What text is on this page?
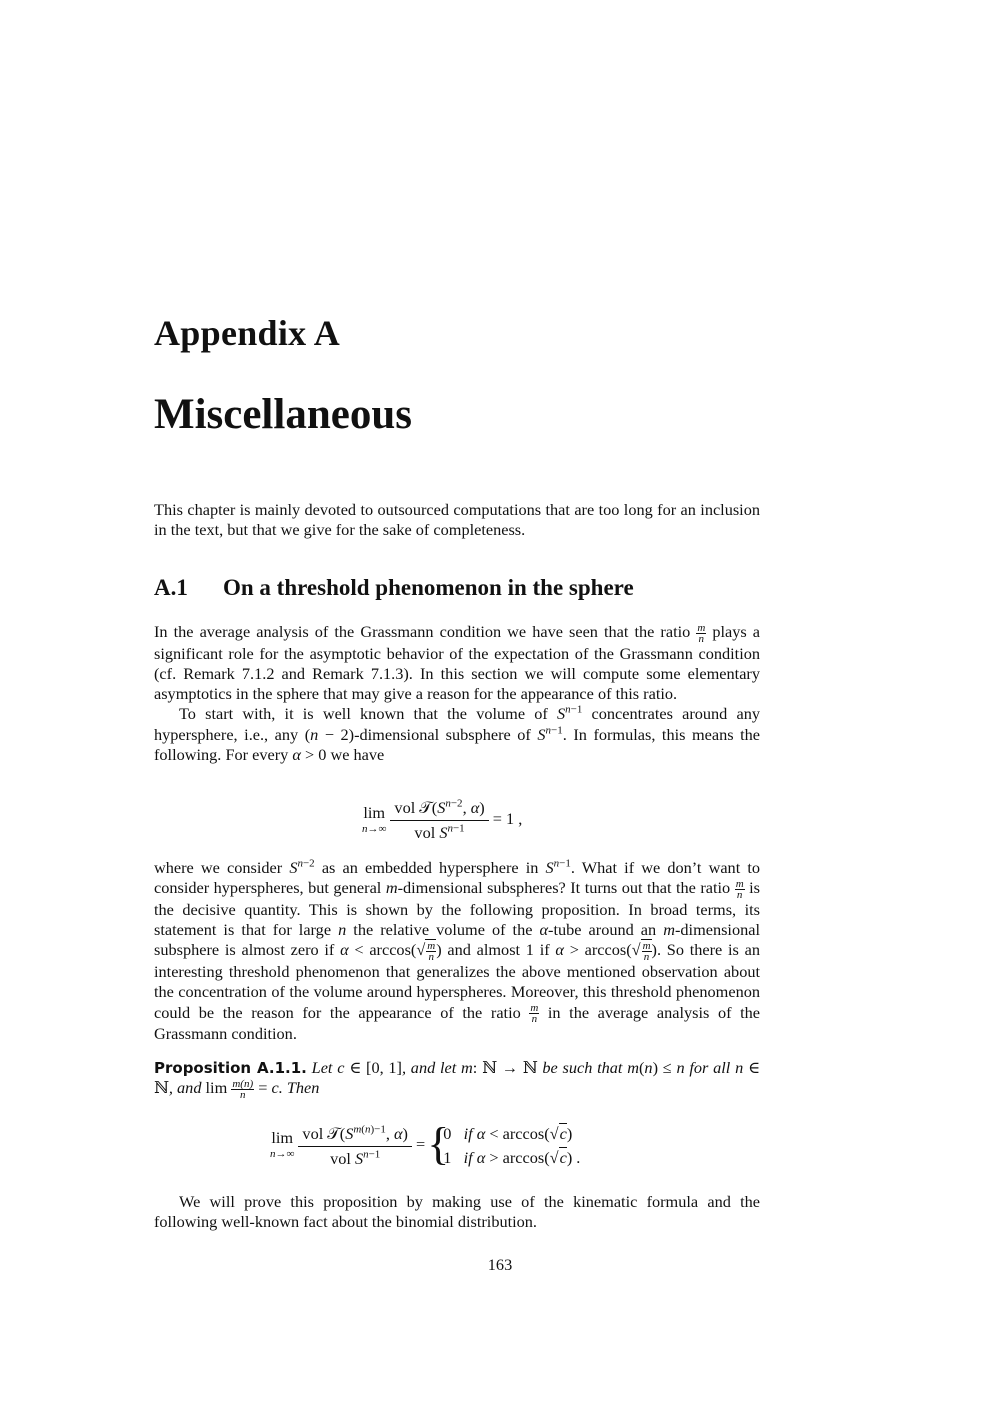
Appendix A
Miscellaneous

This chapter is mainly devoted to outsourced computations that are too long for an inclusion in the text, but that we give for the sake of completeness.

A.1 On a threshold phenomenon in the sphere

In the average analysis of the Grassmann condition we have seen that the ratio $\frac{m}{n}$ plays a significant role for the asymptotic behavior of the expectation of the Grassmann condition (cf. Remark 7.1.2 and Remark 7.1.3). In this section we will compute some elementary asymptotics in the sphere that may give a reason for the appearance of this ratio.

To start with, it is well known that the volume of $S^{n-1}$ concentrates around any hypersphere, i.e., any (n − 2)-dimensional subsphere of $S^{n-1}$. In formulas, this means the following. For every α > 0 we have

lim
n→∞
$\frac{vol 𝒯(S^{n-2}, \alpha)}{vol S^{n-1}} = 1$ ,

where we consider $S^{n-2}$ as an embedded hypersphere in $S^{n-1}$. What if we don’t want to consider hyperspheres, but general m-dimensional subspheres? It turns out that the ratio $\frac{m}{n}$ is the decisive quantity. This is shown by the following proposition. In broad terms, its statement is that for large n the relative volume of the α-tube around an m-dimensional subsphere is almost zero if $\alpha < \arccos(√ \frac{m}{n}$ ) and almost 1 if $\alpha > \arccos(√ \frac{m}{n}$ ). So there is an interesting threshold phenomenon that generalizes the above mentioned observation about the concentration of the volume around hyperspheres. Moreover, this threshold phenomenon could be the reason for the appearance of the ratio $\frac{m}{n}$ in the average analysis of the Grassmann condition.

Proposition A.1.1. Let c ∈ [0, 1], and let m: ℕ → ℕ be such that m(n) ≤ n for all n ∈ ℕ, and $\lim \frac{m(n)}{n} = c$. Then

lim
n→∞
$\frac{vol 𝒯(S^{m(n)-1}, \alpha)}{vol S^{n-1}}$ =
{
0   if α < arccos(√c)
1   if α > arccos(√c) .

We will prove this proposition by making use of the kinematic formula and the following well-known fact about the binomial distribution.

163
